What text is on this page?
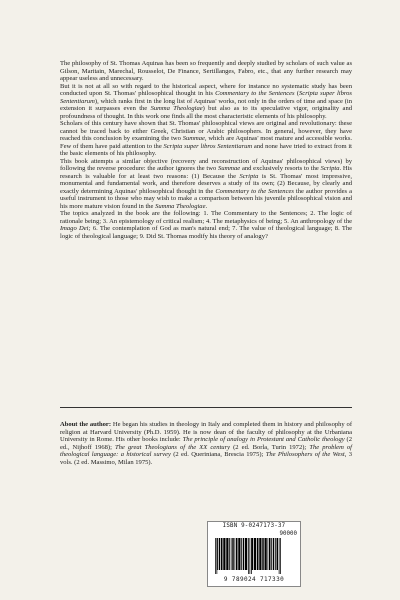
The philosophy of St. Thomas Aquinas has been so frequently and deeply studied by scholars of such value as Gilson, Maritain, Marechal, Rousselot, De Finance, Sertillanges, Fabro, etc., that any further research may appear useless and unnecessary.

But it is not at all so with regard to the historical aspect, where for instance no systematic study has been conducted upon St. Thomas' philosophical thought in his Commentary to the Sentences (Scripta super libros Sententiarum), which ranks first in the long list of Aquinas' works, not only in the orders of time and space (in extension it surpasses even the Summa Theologiae) but also as to its speculative vigor, originality and profoundness of thought. In this work one finds all the most characteristic elements of his philosophy.

Scholars of this century have shown that St. Thomas' philosophical views are original and revolutionary: these cannot be traced back to either Greek, Christian or Arabic philosophers. In general, however, they have reached this conclusion by examining the two Summae, which are Aquinas' most mature and accessible works. Few of them have paid attention to the Scripta super libros Sententiarum and none have tried to extract from it the basic elements of his philosophy.

This book attempts a similar objective (recovery and reconstruction of Aquinas' philosophical views) by following the reverse procedure: the author ignores the two Summae and exclusively resorts to the Scripta. His research is valuable for at least two reasons: (1) Because the Scripta is St. Thomas' most impressive, monumental and fundamental work, and therefore deserves a study of its own; (2) Because, by clearly and exactly determining Aquinas' philosophical thought in the Commentary to the Sentences the author provides a useful instrument to those who may wish to make a comparison between his juvenile philosophical vision and his more mature vision found in the Summa Theologiae.

The topics analyzed in the book are the following: 1. The Commentary to the Sentences; 2. The logic of rationale being; 3. An epistemology of critical realism; 4. The metaphysics of being; 5. An anthropology of the Imago Dei; 6. The contemplation of God as man's natural end; 7. The value of theological language; 8. The logic of theological language; 9. Did St. Thomas modify his theory of analogy?

About the author: He began his studies in theology in Italy and completed them in history and philosophy of religion at Harvard University (Ph.D. 1959). He is now dean of the faculty of philosophy at the Urbaniana University in Rome. His other books include: The principle of analogy in Protestant and Catholic theology (2 ed., Nijhoff 1968); The great Theologians of the XX century (2 ed. Borla, Turin 1972); The problem of theological language: a historical survey (2 ed. Queriniana, Brescia 1975); The Philosophers of the West, 3 vols. (2 ed. Massimo, Milan 1975).
ISBN 9-0247173-37
90000
9 789024 717330
